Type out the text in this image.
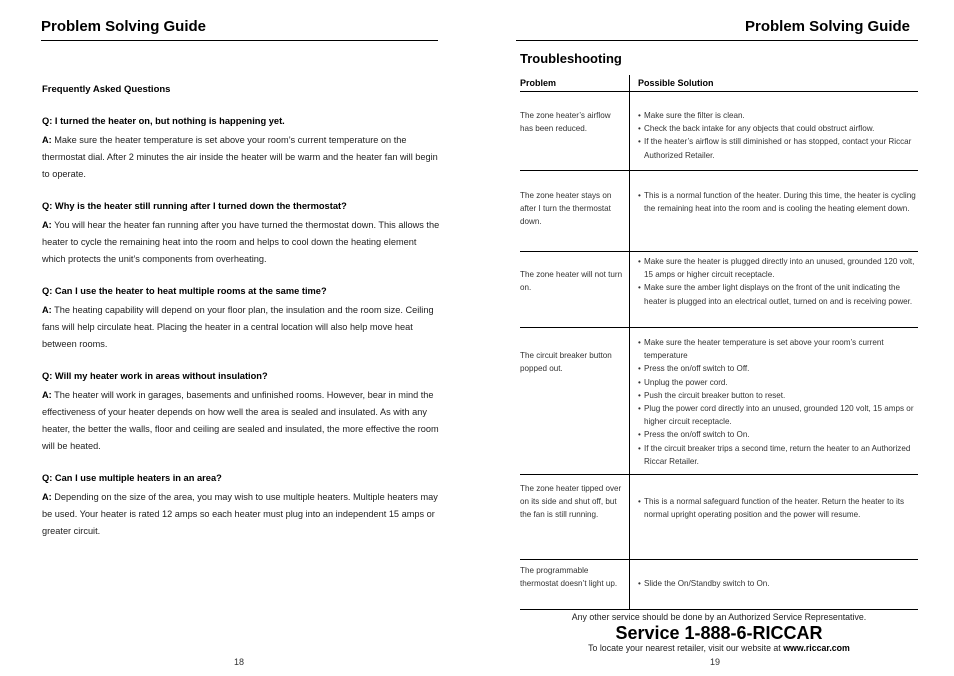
Problem Solving Guide
Frequently Asked Questions
Q: I turned the heater on, but nothing is happening yet.
A: Make sure the heater temperature is set above your room’s current temperature on the thermostat dial. After 2 minutes the air inside the heater will be warm and the heater fan will begin to operate.
Q: Why is the heater still running after I turned down the thermostat?
A: You will hear the heater fan running after you have turned the thermostat down. This allows the heater to cycle the remaining heat into the room and helps to cool down the heating element which protects the unit’s components from overheating.
Q: Can I use the heater to heat multiple rooms at the same time?
A: The heating capability will depend on your floor plan, the insulation and the room size. Ceiling fans will help circulate heat. Placing the heater in a central location will also help move heat between rooms.
Q: Will my heater work in areas without insulation?
A: The heater will work in garages, basements and unfinished rooms. However, bear in mind the effectiveness of your heater depends on how well the area is sealed and insulated. As with any heater, the better the walls, floor and ceiling are sealed and insulated, the more effective the room will be heated.
Q: Can I use multiple heaters in an area?
A: Depending on the size of the area, you may wish to use multiple heaters. Multiple heaters may be used. Your heater is rated 12 amps so each heater must plug into an independent 15 amps or greater circuit.
18
Problem Solving Guide
Troubleshooting
Problem	Possible Solution
The zone heater’s airflow has been reduced.
• Make sure the filter is clean.
• Check the back intake for any objects that could obstruct airflow.
• If the heater’s airflow is still diminished or has stopped, contact your Riccar Authorized Retailer.
The zone heater stays on after I turn the thermostat down.
• This is a normal function of the heater. During this time, the heater is cycling the remaining heat into the room and is cooling the heating element down.
The zone heater will not turn on.
• Make sure the heater is plugged directly into an unused, grounded 120 volt, 15 amps or higher circuit receptacle.
• Make sure the amber light displays on the front of the unit indicating the heater is plugged into an electrical outlet, turned on and is receiving power.
The circuit breaker button popped out.
• Make sure the heater temperature is set above your room’s current temperature
• Press the on/off switch to Off.
• Unplug the power cord.
• Push the circuit breaker button to reset.
• Plug the power cord directly into an unused, grounded 120 volt, 15 amps or higher circuit receptacle.
• Press the on/off switch to On.
• If the circuit breaker trips a second time, return the heater to an Authorized Riccar Retailer.
The zone heater tipped over on its side and shut off, but the fan is still running.
• This is a normal safeguard function of the heater. Return the heater to its normal upright operating position and the power will resume.
The programmable thermostat doesn’t light up.
•	Slide the On/Standby switch to On.
Any other service should be done by an Authorized Service Representative.
Service 1-888-6-RICCAR
To locate your nearest retailer, visit our website at www.riccar.com
19
